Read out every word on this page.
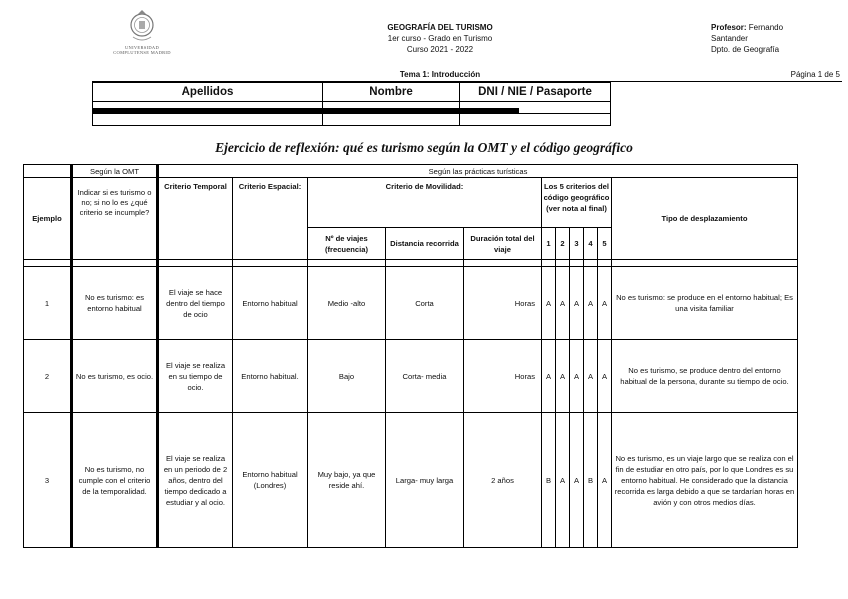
UNIVERSIDAD COMPLUTENSE MADRID
GEOGRAFÍA DEL TURISMO
1er curso - Grado en Turismo
Curso 2021 - 2022
Profesor: Fernando
Santander
Dpto. de Geografía
Tema 1: Introducción	Página 1 de 5
Apellidos	Nombre	DNI / NIE / Pasaporte

Ejercicio de reflexión: qué es turismo según la OMT y el código geográfico
	Según la OMT	Según las prácticas turísticas										
Ejemplo	Indicar si es turismo o no; si no lo es ¿qué criterio se incumple?	Criterio Temporal	Criterio Espacial:	Criterio de Movilidad:			Los 5 criterios del código geográfico (ver nota al final)					Tipo de desplazamiento
				Nº de viajes (frecuencia)	Distancia recorrida	Duración total del viaje	1	2	3	4	5	

1	No es turismo: es entorno habitual	El viaje se hace dentro del tiempo de ocio	Entorno habitual	Medio -alto	Corta	Horas	A	A	A	A	A	No es turismo: se produce en el entorno habitual; Es una visita familiar
2	No es turismo, es ocio.	El viaje se realiza en su tiempo de ocio.	Entorno habitual.	Bajo	Corta- media	Horas	A	A	A	A	A	No es turismo, se produce dentro del entorno habitual de la persona, durante su tiempo de ocio.
3	No es turismo, no cumple con el criterio de la temporalidad.	El viaje se realiza en un periodo de 2 años, dentro del tiempo dedicado a estudiar y al ocio.	Entorno habitual (Londres)	Muy bajo, ya que reside ahí.	Larga- muy larga	2 años	B	A	A	B	A	No es turismo, es un viaje largo que se realiza con el fin de estudiar en otro país, por lo que Londres es su entorno habitual. He considerado que la distancia recorrida es larga debido a que se tardarían horas en avión y con otros medios días.
